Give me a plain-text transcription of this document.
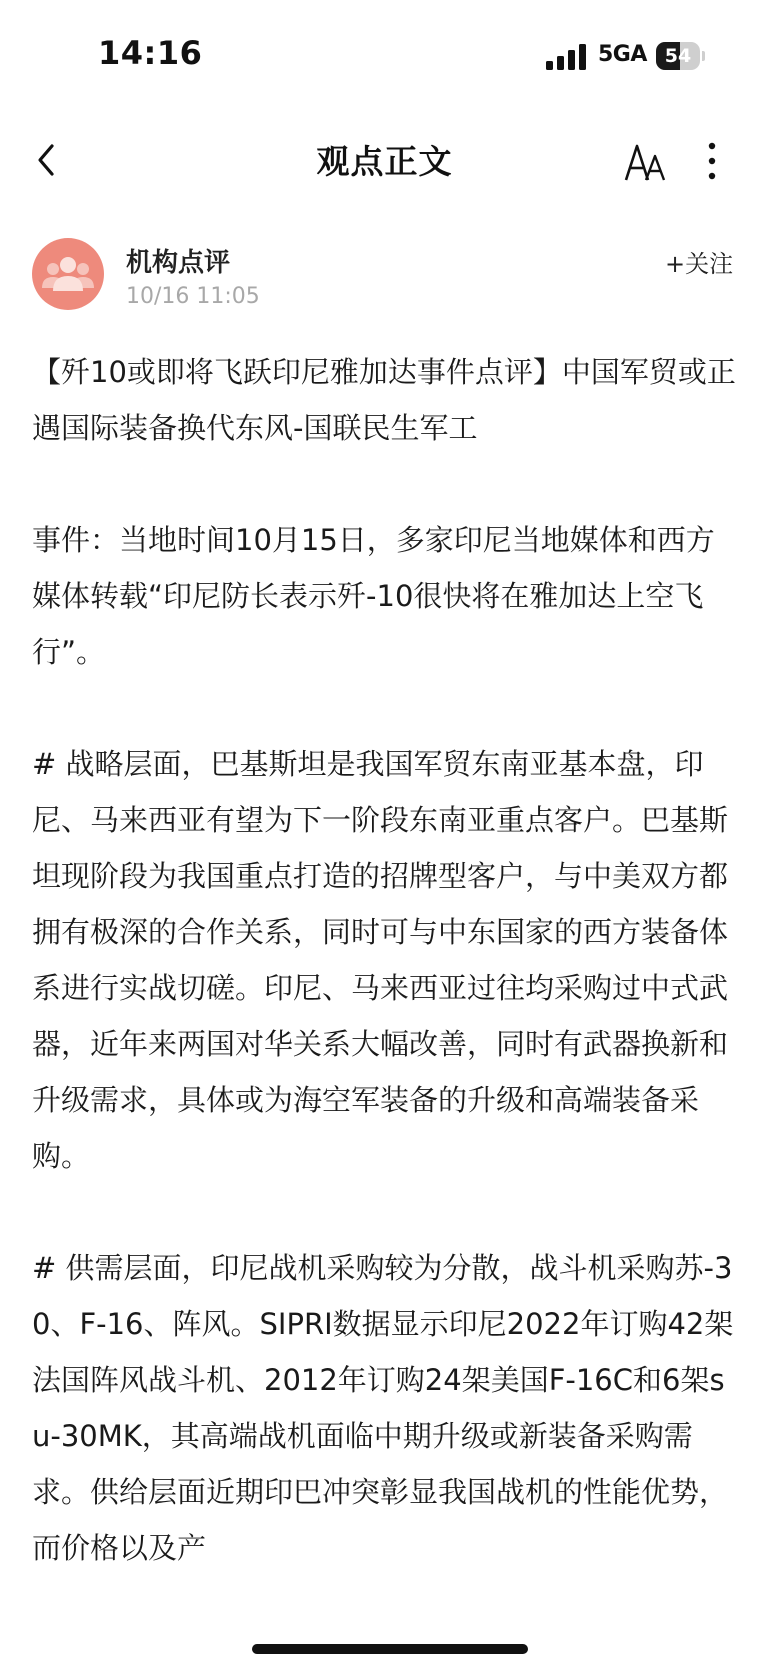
14:16	5GA 54
观点正文
机构点评
10/16 11:05
+关注

【歼10或即将飞跃印尼雅加达事件点评】中国军贸或正遇国际装备换代东风-国联民生军工

事件：当地时间10月15日，多家印尼当地媒体和西方媒体转载“印尼防长表示歼-10很快将在雅加达上空飞行”。

# 战略层面，巴基斯坦是我国军贸东南亚基本盘，印尼、马来西亚有望为下一阶段东南亚重点客户。巴基斯坦现阶段为我国重点打造的招牌型客户，与中美双方都拥有极深的合作关系，同时可与中东国家的西方装备体系进行实战切磋。印尼、马来西亚过往均采购过中式武器，近年来两国对华关系大幅改善，同时有武器换新和升级需求，具体或为海空军装备的升级和高端装备采购。

# 供需层面，印尼战机采购较为分散，战斗机采购苏-30、F-16、阵风。SIPRI数据显示印尼2022年订购42架法国阵风战斗机、2012年订购24架美国F-16C和6架su-30MK，其高端战机面临中期升级或新装备采购需求。供给层面近期印巴冲突彰显我国战机的性能优势，而价格以及产
